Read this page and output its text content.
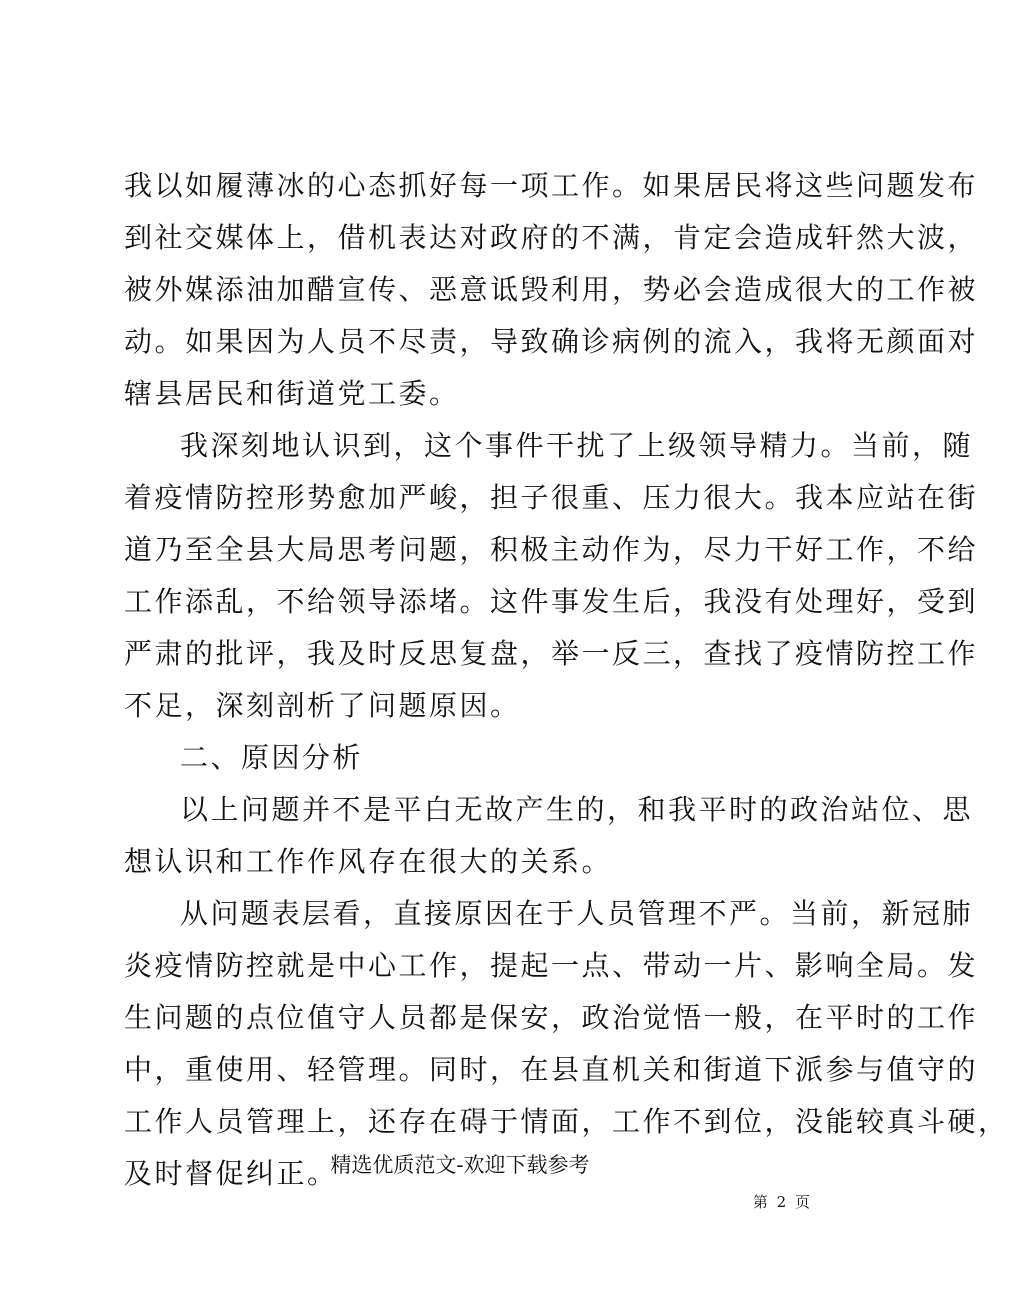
我以如履薄冰的心态抓好每一项工作。如果居民将这些问题发布
到社交媒体上，借机表达对政府的不满，肯定会造成轩然大波，
被外媒添油加醋宣传、恶意诋毁利用，势必会造成很大的工作被
动。如果因为人员不尽责，导致确诊病例的流入，我将无颜面对
辖县居民和街道党工委。
我深刻地认识到，这个事件干扰了上级领导精力。当前，随
着疫情防控形势愈加严峻，担子很重、压力很大。我本应站在街
道乃至全县大局思考问题，积极主动作为，尽力干好工作，不给
工作添乱，不给领导添堵。这件事发生后，我没有处理好，受到
严肃的批评，我及时反思复盘，举一反三，查找了疫情防控工作
不足，深刻剖析了问题原因。
二、原因分析
以上问题并不是平白无故产生的，和我平时的政治站位、思
想认识和工作作风存在很大的关系。
从问题表层看，直接原因在于人员管理不严。当前，新冠肺
炎疫情防控就是中心工作，提起一点、带动一片、影响全局。发
生问题的点位值守人员都是保安，政治觉悟一般，在平时的工作
中，重使用、轻管理。同时，在县直机关和街道下派参与值守的
工作人员管理上，还存在碍于情面，工作不到位，没能较真斗硬，
及时督促纠正。
精选优质范文-欢迎下载参考
第 2 页
